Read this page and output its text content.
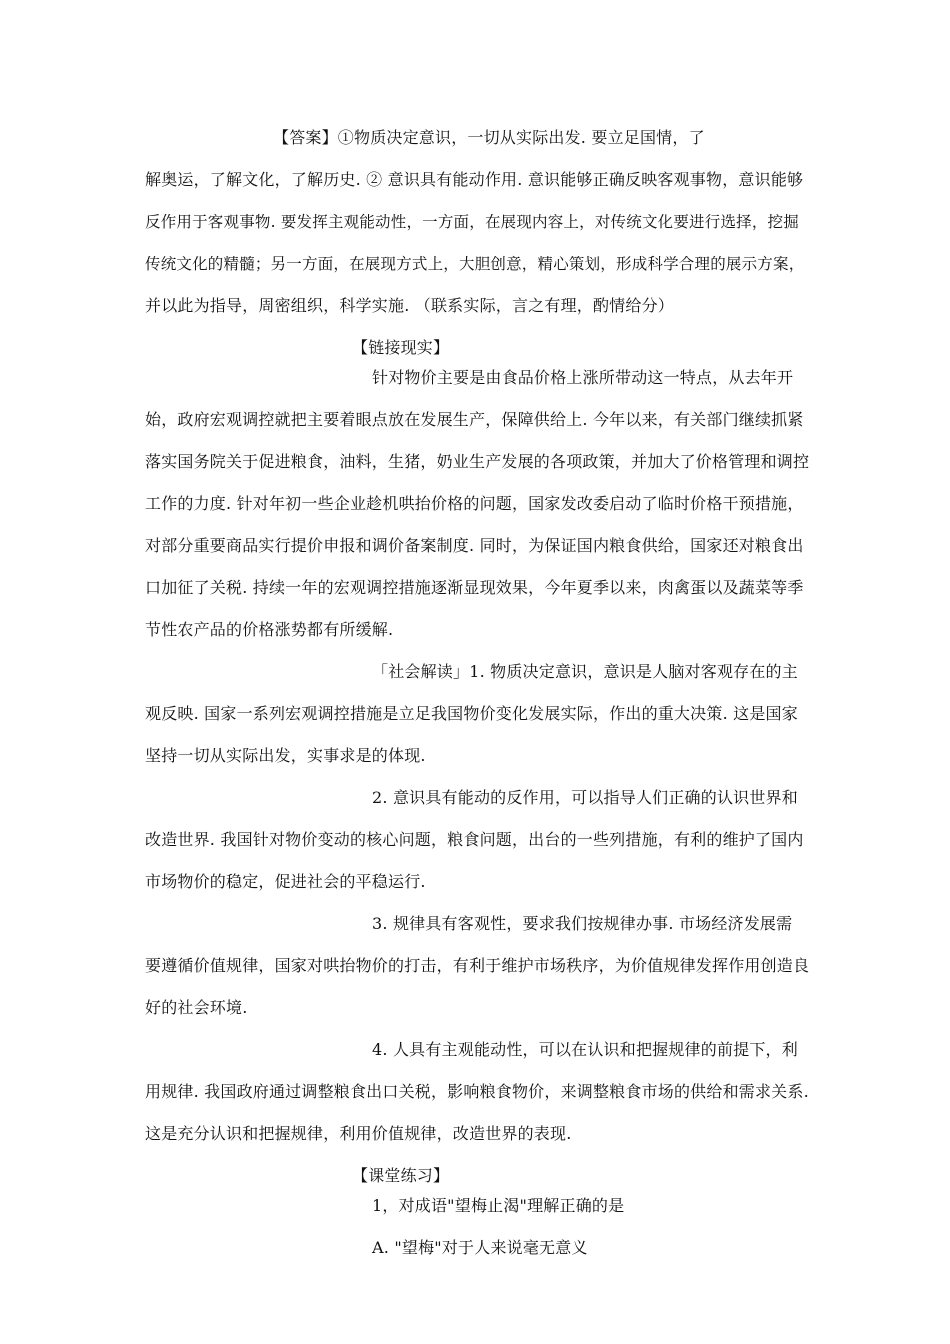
【答案】①物质决定意识，一切从实际出发. 要立足国情，了
解奥运，了解文化，了解历史. ② 意识具有能动作用. 意识能够正确反映客观事物，意识能够
反作用于客观事物. 要发挥主观能动性，一方面，在展现内容上，对传统文化要进行选择，挖掘
传统文化的精髓；另一方面，在展现方式上，大胆创意，精心策划，形成科学合理的展示方案，
并以此为指导，周密组织，科学实施. （联系实际，言之有理，酌情给分）
【链接现实】
针对物价主要是由食品价格上涨所带动这一特点，从去年开
始，政府宏观调控就把主要着眼点放在发展生产，保障供给上. 今年以来，有关部门继续抓紧
落实国务院关于促进粮食，油料，生猪，奶业生产发展的各项政策，并加大了价格管理和调控
工作的力度. 针对年初一些企业趁机哄抬价格的问题，国家发改委启动了临时价格干预措施，
对部分重要商品实行提价申报和调价备案制度. 同时，为保证国内粮食供给，国家还对粮食出
口加征了关税. 持续一年的宏观调控措施逐渐显现效果，今年夏季以来，肉禽蛋以及蔬菜等季
节性农产品的价格涨势都有所缓解.
「社会解读」1. 物质决定意识，意识是人脑对客观存在的主
观反映. 国家一系列宏观调控措施是立足我国物价变化发展实际，作出的重大决策. 这是国家
坚持一切从实际出发，实事求是的体现.
2. 意识具有能动的反作用，可以指导人们正确的认识世界和
改造世界. 我国针对物价变动的核心问题，粮食问题，出台的一些列措施，有利的维护了国内
市场物价的稳定，促进社会的平稳运行.
3. 规律具有客观性，要求我们按规律办事. 市场经济发展需
要遵循价值规律，国家对哄抬物价的打击，有利于维护市场秩序，为价值规律发挥作用创造良
好的社会环境.
4. 人具有主观能动性，可以在认识和把握规律的前提下，利
用规律. 我国政府通过调整粮食出口关税，影响粮食物价，来调整粮食市场的供给和需求关系.
这是充分认识和把握规律，利用价值规律，改造世界的表现.
【课堂练习】
1，对成语"望梅止渴"理解正确的是
A. "望梅"对于人来说毫无意义
